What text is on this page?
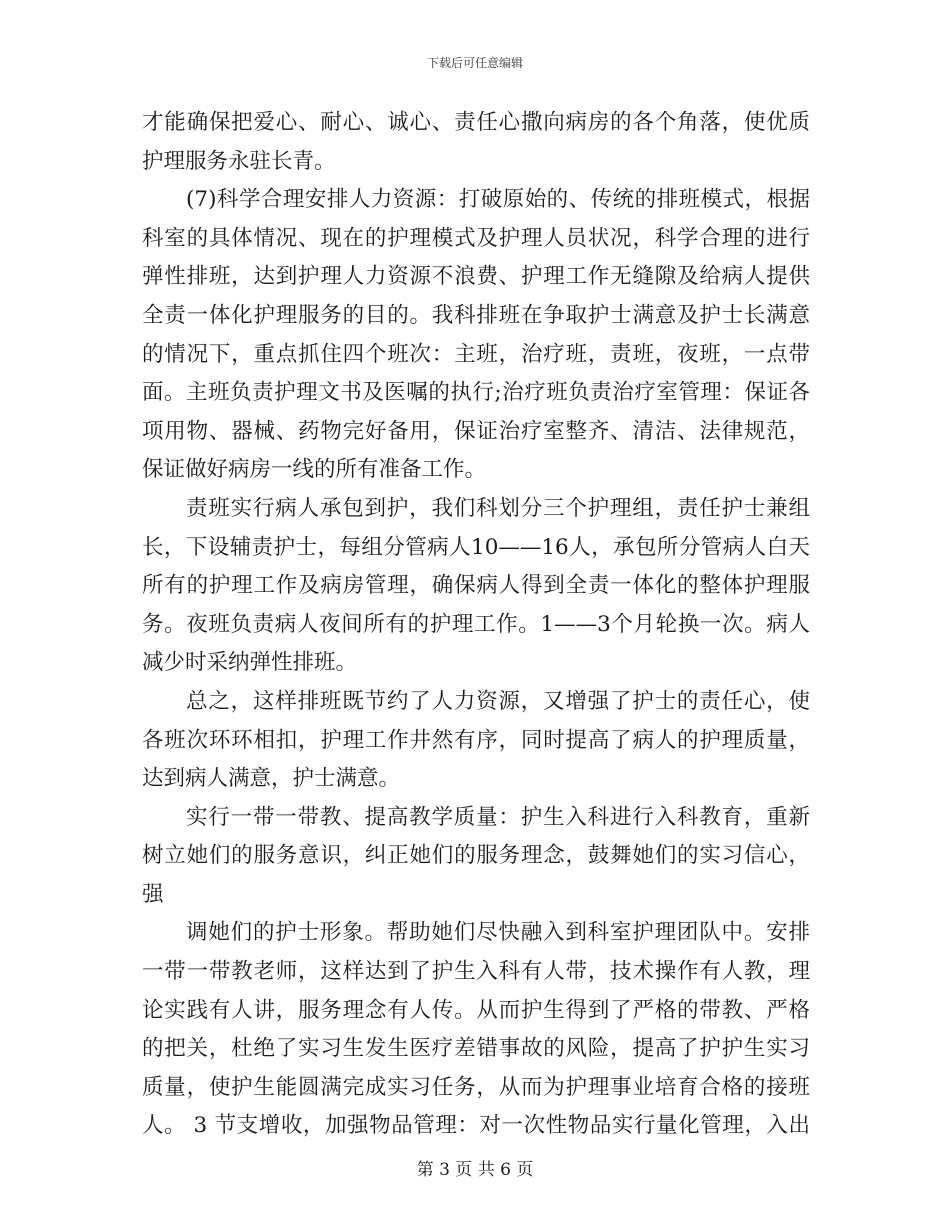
下载后可任意编辑
才能确保把爱心、耐心、诚心、责任心撒向病房的各个角落，使优质
护理服务永驻长青。
(7)科学合理安排人力资源：打破原始的、传统的排班模式，根据
科室的具体情况、现在的护理模式及护理人员状况，科学合理的进行
弹性排班，达到护理人力资源不浪费、护理工作无缝隙及给病人提供
全责一体化护理服务的目的。我科排班在争取护士满意及护士长满意
的情况下，重点抓住四个班次：主班，治疗班，责班，夜班，一点带
面。主班负责护理文书及医嘱的执行;治疗班负责治疗室管理：保证各
项用物、器械、药物完好备用，保证治疗室整齐、清洁、法律规范，
保证做好病房一线的所有准备工作。
责班实行病人承包到护，我们科划分三个护理组，责任护士兼组
长，下设辅责护士，每组分管病人10——16人，承包所分管病人白天
所有的护理工作及病房管理，确保病人得到全责一体化的整体护理服
务。夜班负责病人夜间所有的护理工作。1——3个月轮换一次。病人
减少时采纳弹性排班。
总之，这样排班既节约了人力资源，又增强了护士的责任心，使
各班次环环相扣，护理工作井然有序，同时提高了病人的护理质量，
达到病人满意，护士满意。
实行一带一带教、提高教学质量：护生入科进行入科教育，重新
树立她们的服务意识，纠正她们的服务理念，鼓舞她们的实习信心，
强
调她们的护士形象。帮助她们尽快融入到科室护理团队中。安排
一带一带教老师，这样达到了护生入科有人带，技术操作有人教，理
论实践有人讲，服务理念有人传。从而护生得到了严格的带教、严格
的把关，杜绝了实习生发生医疗差错事故的风险，提高了护护生实习
质量，使护生能圆满完成实习任务，从而为护理事业培育合格的接班
人。 3 节支增收，加强物品管理：对一次性物品实行量化管理，入出
第 3 页 共 6 页
